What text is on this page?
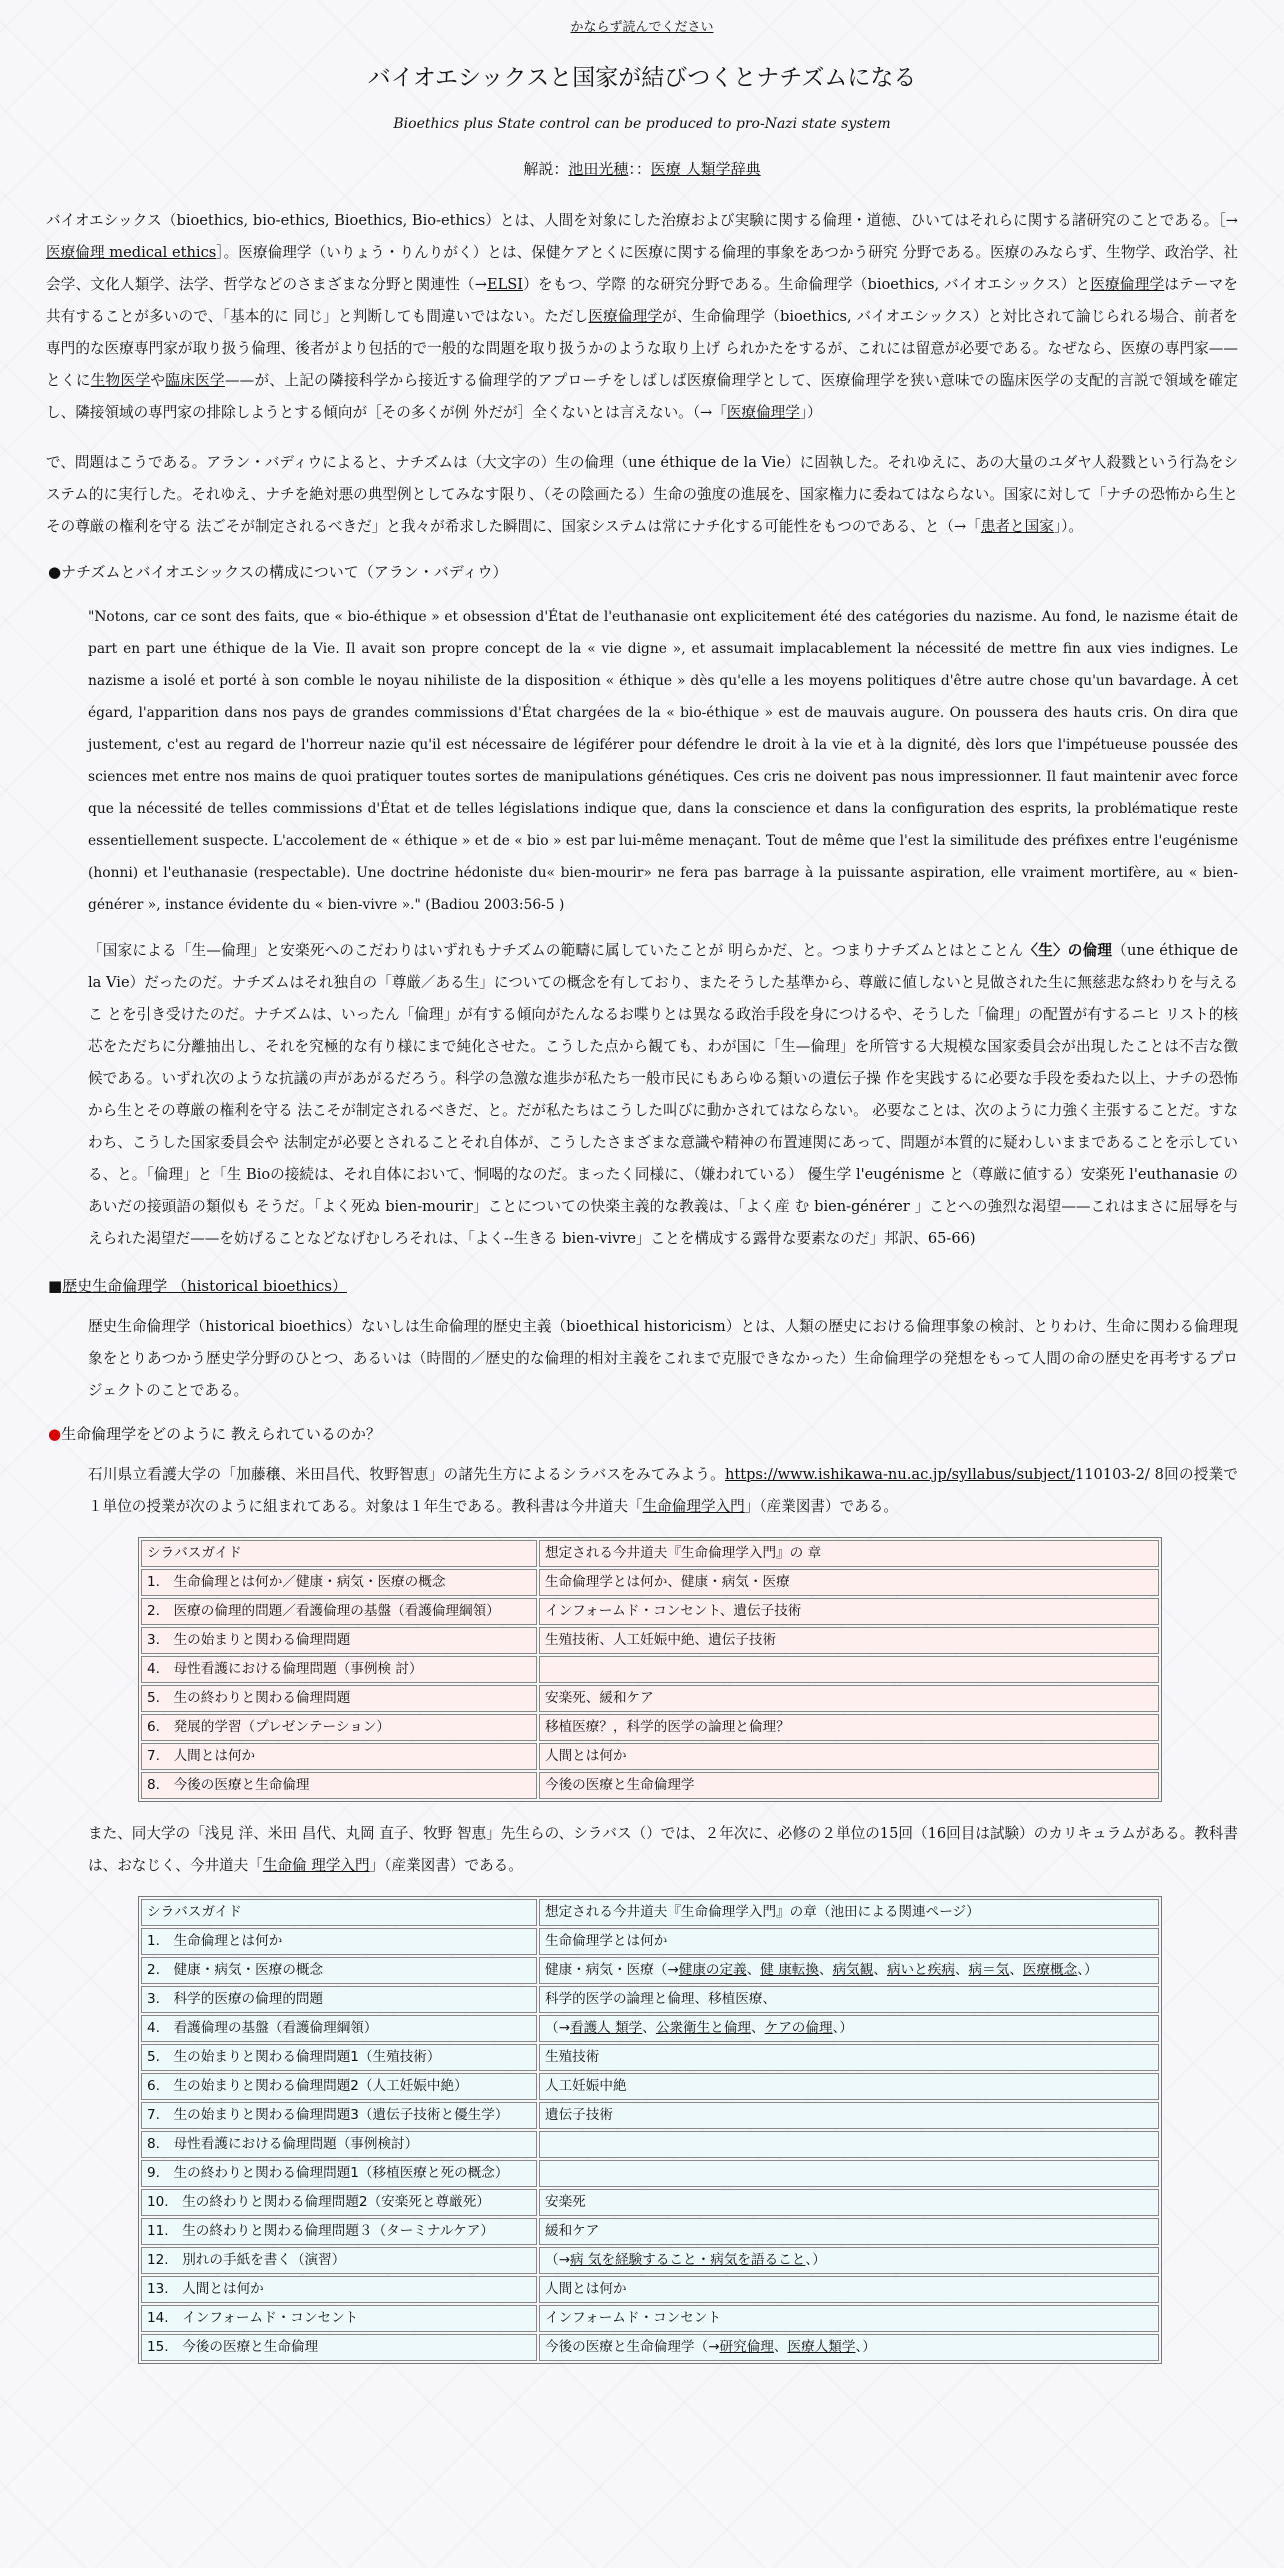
かならず読んでください
バイオエシックスと国家が結びつくとナチズムになる
Bioethics plus State control can be produced to pro-Nazi state system
解説：池田光穂：：医療 人類学辞典

バイオエシックス（bioethics, bio-ethics, Bioethics, Bio-ethics）とは、人間を対象にした治療および実験に関する倫理・道徳、ひいてはそれらに関する諸研究のことである。［→医療倫理 medical ethics］。医療倫理学（いりょう・りんりがく）とは、保健ケアとくに医療に関する倫理的事象をあつかう研究 分野である。医療のみならず、生物学、政治学、社会学、文化人類学、法学、哲学などのさまざまな分野と関連性（→ELSI）をもつ、学際 的な研究分野である。生命倫理学（bioethics, バイオエシックス）と医療倫理学はテーマを共有することが多いので、「基本的に 同じ」と判断しても間違いではない。ただし医療倫理学が、生命倫理学（bioethics, バイオエシックス）と対比されて論じられる場合、前者を専門的な医療専門家が取り扱う倫理、後者がより包括的で一般的な問題を取り扱うかのような取り上げ られかたをするが、これには留意が必要である。なぜなら、医療の専門家——とくに生物医学や臨床医学——が、上記の隣接科学から接近する倫理学的アプローチをしばしば医療倫理学として、医療倫理学を狭い意味での臨床医学の支配的言説で領域を確定し、隣接領域の専門家の排除しようとする傾向が［その多くが例 外だが］全くないとは言えない。（→「医療倫理学」）

で、問題はこうである。アラン・バディウによると、ナチズムは（大文字の）生の倫理（une éthique de la Vie）に固執した。それゆえに、あの大量のユダヤ人殺戮という行為をシステム的に実行した。それゆえ、ナチを絶対悪の典型例としてみなす限り、（その陰画たる）生命の強度の進展を、国家権力に委ねてはならない。国家に対して「ナチの恐怖から生とその尊厳の権利を守る 法ごそが制定されるべきだ」と我々が希求した瞬間に、国家システムは常にナチ化する可能性をもつのである、と（→「患者と国家」）。

●ナチズムとバイオエシックスの構成について（アラン・バディウ）

"Notons, car ce sont des faits, que « bio-éthique » et obsession d'État de l'euthanasie ont explicitement été des catégories du nazisme. Au fond, le nazisme était de part en part une éthique de la Vie. Il avait son propre concept de la « vie digne », et assumait implacablement la nécessité de mettre fin aux vies indignes. Le nazisme a isolé et porté à son comble le noyau nihiliste de la disposition « éthique » dès qu'elle a les moyens politiques d'être autre chose qu'un bavardage. À cet égard, l'apparition dans nos pays de grandes commissions d'État chargées de la « bio-éthique » est de mauvais augure. On poussera des hauts cris. On dira que justement, c'est au regard de l'horreur nazie qu'il est nécessaire de légiférer pour défendre le droit à la vie et à la dignité, dès lors que l'impétueuse poussée des sciences met entre nos mains de quoi pratiquer toutes sortes de manipulations génétiques. Ces cris ne doivent pas nous impressionner. Il faut maintenir avec force que la nécessité de telles commissions d'État et de telles législations indique que, dans la conscience et dans la configuration des esprits, la problématique reste essentiellement suspecte. L'accolement de « éthique » et de « bio » est par lui-même menaçant. Tout de même que l'est la similitude des préfixes entre l'eugénisme (honni) et l'euthanasie (respectable). Une doctrine hédoniste du« bien-mourir» ne fera pas barrage à la puissante aspiration, elle vraiment mortifère, au « bien-générer », instance évidente du « bien-vivre »." (Badiou 2003:56-5 )

「国家による「生—倫理」と安楽死へのこだわりはいずれもナチズムの範疇に属していたことが 明らかだ、と。つまりナチズムとはとことん〈生〉の倫理（une éthique de la Vie）だったのだ。ナチズムはそれ独自の「尊厳／ある生」についての概念を有しており、またそうした基準から、尊厳に値しないと見做された生に無慈悲な終わりを与えるこ とを引き受けたのだ。ナチズムは、いったん「倫理」が有する傾向がたんなるお喋りとは異なる政治手段を身につけるや、そうした「倫理」の配置が有するニヒ リスト的核芯をただちに分離抽出し、それを究極的な有り様にまで純化させた。こうした点から観ても、わが国に「生—倫理」を所管する大規模な国家委員会が出現したことは不吉な徴候である。いずれ次のような抗議の声があがるだろう。科学の急激な進歩が私たち一般市民にもあらゆる類いの遺伝子操 作を実践するに必要な手段を委ねた以上、ナチの恐怖から生とその尊厳の権利を守る 法こそが制定されるべきだ、と。だが私たちはこうした叫びに動かされてはならない。 必要なことは、次のように力強く主張することだ。すなわち、こうした国家委員会や 法制定が必要とされることそれ自体が、こうしたさまざまな意識や精神の布置連関にあって、問題が本質的に疑わしいままであることを示している、と。「倫理」と「生 Bioの接続は、それ自体において、恫喝的なのだ。まったく同様に、（嫌われている） 優生学 l'eugénisme と（尊厳に値する）安楽死 l'euthanasie のあいだの接頭語の類似も そうだ。「よく死ぬ bien-mourir」ことについての快楽主義的な教義は、「よく産 む bien-générer 」ことへの強烈な渇望——これはまさに屈辱を与えられた渇望だ——を妨げることなどなげむしろそれは、「よく--生きる bien-vivre」ことを構成する露骨な要素なのだ」邦訳、65-66)

■歴史生命倫理学 （historical bioethics）

歴史生命倫理学（historical bioethics）ないしは生命倫理的歴史主義（bioethical historicism）とは、人類の歴史における倫理事象の検討、とりわけ、生命に関わる倫理現象をとりあつかう歴史学分野のひとつ、あるいは（時間的／歴史的な倫理的相対主義をこれまで克服できなかった）生命倫理学の発想をもって人間の命の歴史を再考するプロジェクトのことである。

●生命倫理学をどのように 教えられているのか？

石川県立看護大学の「加藤穣、米田昌代、牧野智恵」の諸先生方によるシラバスをみてみよう。https://www.ishikawa-nu.ac.jp/syllabus/subject/110103-2/ 8回の授業で１単位の授業が次のように組まれてある。対象は１年生である。教科書は今井道夫「生命倫理学入門」（産業図書）である。

シラバスガイド	想定される今井道夫『生命倫理学入門』の 章
1.　生命倫理とは何か／健康・病気・医療の概念	生命倫理学とは何か、健康・病気・医療
2.　医療の倫理的問題／看護倫理の基盤（看護倫理綱領）	インフォームド・コンセント、遺伝子技術
3.　生の始まりと関わる倫理問題	生殖技術、人工妊娠中絶、遺伝子技術
4.　母性看護における倫理問題（事例検 討）	
5.　生の終わりと関わる倫理問題	安楽死、緩和ケア
6.　発展的学習（プレゼンテーション）	移植医療？，科学的医学の論理と倫理？
7.　人間とは何か	人間とは何か
8.　今後の医療と生命倫理	今後の医療と生命倫理学

また、同大学の「浅見 洋、米田 昌代、丸岡 直子、牧野 智恵」先生らの、シラバス（）では、２年次に、必修の２単位の15回（16回目は試験）のカリキュラムがある。教科書は、おなじく、今井道夫「生命倫 理学入門」（産業図書）である。

シラバスガイド	想定される今井道夫『生命倫理学入門』の章（池田による関連ページ）
1.　生命倫理とは何か	生命倫理学とは何か
2.　健康・病気・医療の概念	健康・病気・医療（→健康の定義、健 康転換、病気観、病いと疾病、病＝気、医療概念、）
3.　科学的医療の倫理的問題	科学的医学の論理と倫理、移植医療、
4.　看護倫理の基盤（看護倫理綱領）	（→看護人 類学、公衆衛生と倫理、ケアの倫理、）
5.　生の始まりと関わる倫理問題1（生殖技術）	生殖技術
6.　生の始まりと関わる倫理問題2（人工妊娠中絶）	人工妊娠中絶
7.　生の始まりと関わる倫理問題3（遺伝子技術と優生学）	遺伝子技術
8.　母性看護における倫理問題（事例検討）	
9.　生の終わりと関わる倫理問題1（移植医療と死の概念）	
10.　生の終わりと関わる倫理問題2（安楽死と尊厳死）	安楽死
11.　生の終わりと関わる倫理問題３（ターミナルケア）	緩和ケア
12.　別れの手紙を書く（演習）	（→病 気を経験すること・病気を語ること、）
13.　人間とは何か	人間とは何か
14.　インフォームド・コンセント	インフォームド・コンセント
15.　今後の医療と生命倫理	今後の医療と生命倫理学（→研究倫理、医療人類学、）
